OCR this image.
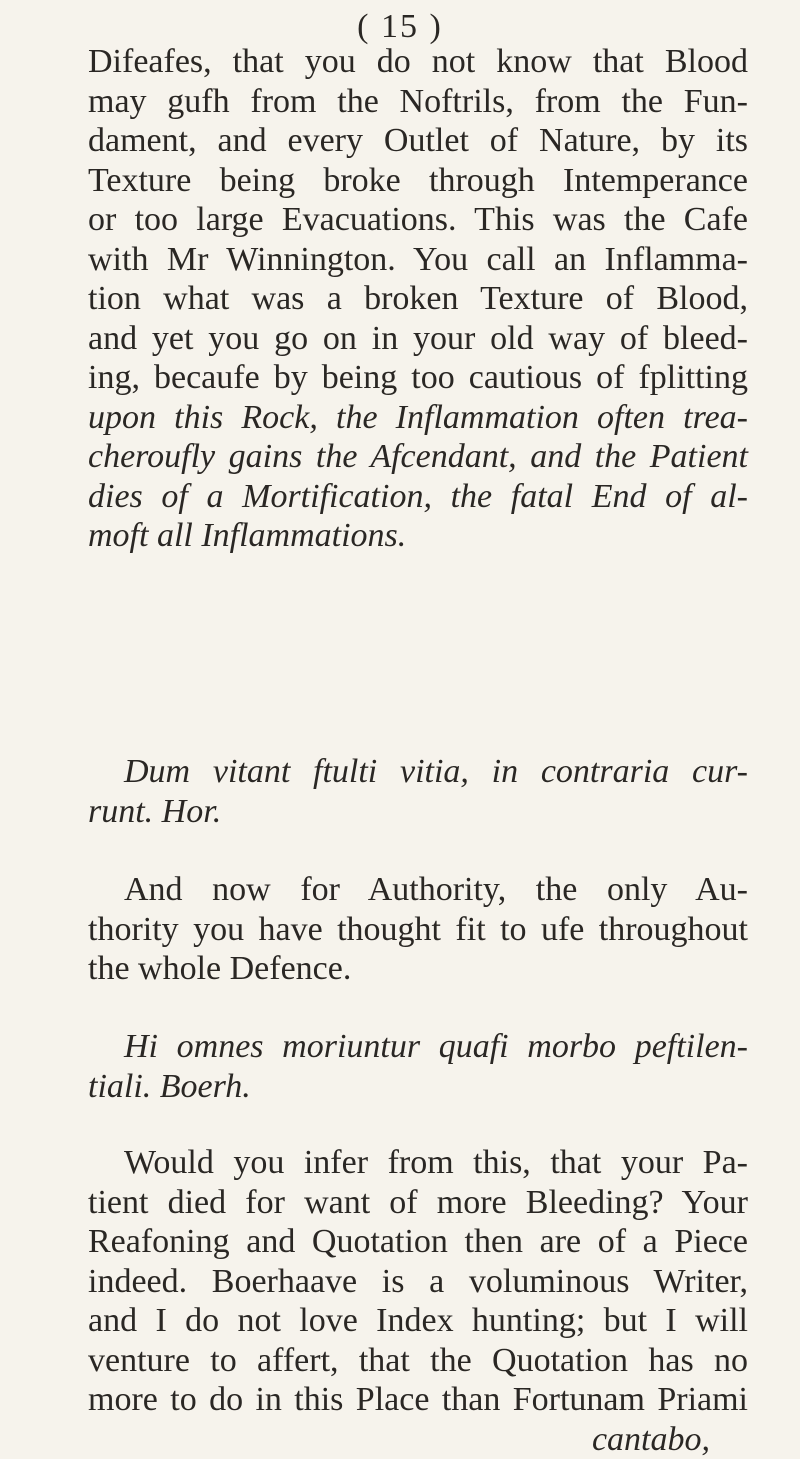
( 15 )
Difeafes, that you do not know that Blood
may gufh from the Noftrils, from the Fun-
dament, and every Outlet of Nature, by its
Texture being broke through Intemperance
or too large Evacuations. This was the Cafe
with Mr Winnington. You call an Inflamma-
tion what was a broken Texture of Blood,
and yet you go on in your old way of bleed-
ing, becaufe by being too cautious of fplitting
upon this Rock, the Inflammation often trea-
cheroufly gains the Afcendant, and the Patient
dies of a Mortification, the fatal End of al-
moft all Inflammations.
Dum vitant ftulti vitia, in contraria cur-
runt. Hor.
And now for Authority, the only Au-
thority you have thought fit to ufe throughout
the whole Defence.
Hi omnes moriuntur quafi morbo peftilen-
tiali. Boerh.
Would you infer from this, that your Pa-
tient died for want of more Bleeding? Your
Reafoning and Quotation then are of a Piece
indeed. Boerhaave is a voluminous Writer,
and I do not love Index hunting; but I will
venture to affert, that the Quotation has no
more to do in this Place than Fortunam Priami
cantabo,
